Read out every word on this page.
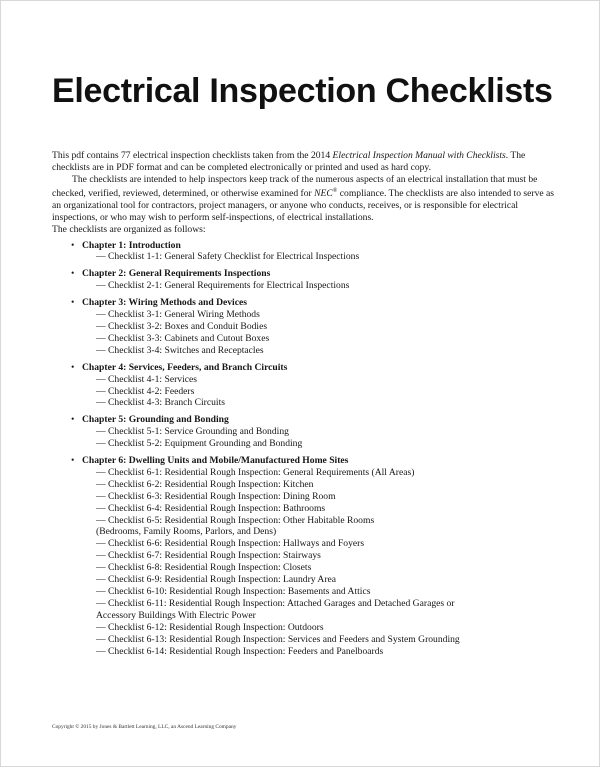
Electrical Inspection Checklists

This pdf contains 77 electrical inspection checklists taken from the 2014 Electrical Inspection Manual with Checklists. The checklists are in PDF format and can be completed electronically or printed and used as hard copy.

The checklists are intended to help inspectors keep track of the numerous aspects of an electrical installation that must be checked, verified, reviewed, determined, or otherwise examined for NEC® compliance. The checklists are also intended to serve as an organizational tool for contractors, project managers, or anyone who conducts, receives, or is responsible for electrical inspections, or who may wish to perform self-inspections, of electrical installations.

The checklists are organized as follows:

• Chapter 1: Introduction
— Checklist 1-1: General Safety Checklist for Electrical Inspections
• Chapter 2: General Requirements Inspections
— Checklist 2-1: General Requirements for Electrical Inspections
• Chapter 3: Wiring Methods and Devices
— Checklist 3-1: General Wiring Methods
— Checklist 3-2: Boxes and Conduit Bodies
— Checklist 3-3: Cabinets and Cutout Boxes
— Checklist 3-4: Switches and Receptacles
• Chapter 4: Services, Feeders, and Branch Circuits
— Checklist 4-1: Services
— Checklist 4-2: Feeders
— Checklist 4-3: Branch Circuits
• Chapter 5: Grounding and Bonding
— Checklist 5-1: Service Grounding and Bonding
— Checklist 5-2: Equipment Grounding and Bonding
• Chapter 6: Dwelling Units and Mobile/Manufactured Home Sites
— Checklist 6-1: Residential Rough Inspection: General Requirements (All Areas)
— Checklist 6-2: Residential Rough Inspection: Kitchen
— Checklist 6-3: Residential Rough Inspection: Dining Room
— Checklist 6-4: Residential Rough Inspection: Bathrooms
— Checklist 6-5: Residential Rough Inspection: Other Habitable Rooms
(Bedrooms, Family Rooms, Parlors, and Dens)
— Checklist 6-6: Residential Rough Inspection: Hallways and Foyers
— Checklist 6-7: Residential Rough Inspection: Stairways
— Checklist 6-8: Residential Rough Inspection: Closets
— Checklist 6-9: Residential Rough Inspection: Laundry Area
— Checklist 6-10: Residential Rough Inspection: Basements and Attics
— Checklist 6-11: Residential Rough Inspection: Attached Garages and Detached Garages or
Accessory Buildings With Electric Power
— Checklist 6-12: Residential Rough Inspection: Outdoors
— Checklist 6-13: Residential Rough Inspection: Services and Feeders and System Grounding
— Checklist 6-14: Residential Rough Inspection: Feeders and Panelboards
Copyright © 2015 by Jones & Bartlett Learning, LLC, an Ascend Learning Company
